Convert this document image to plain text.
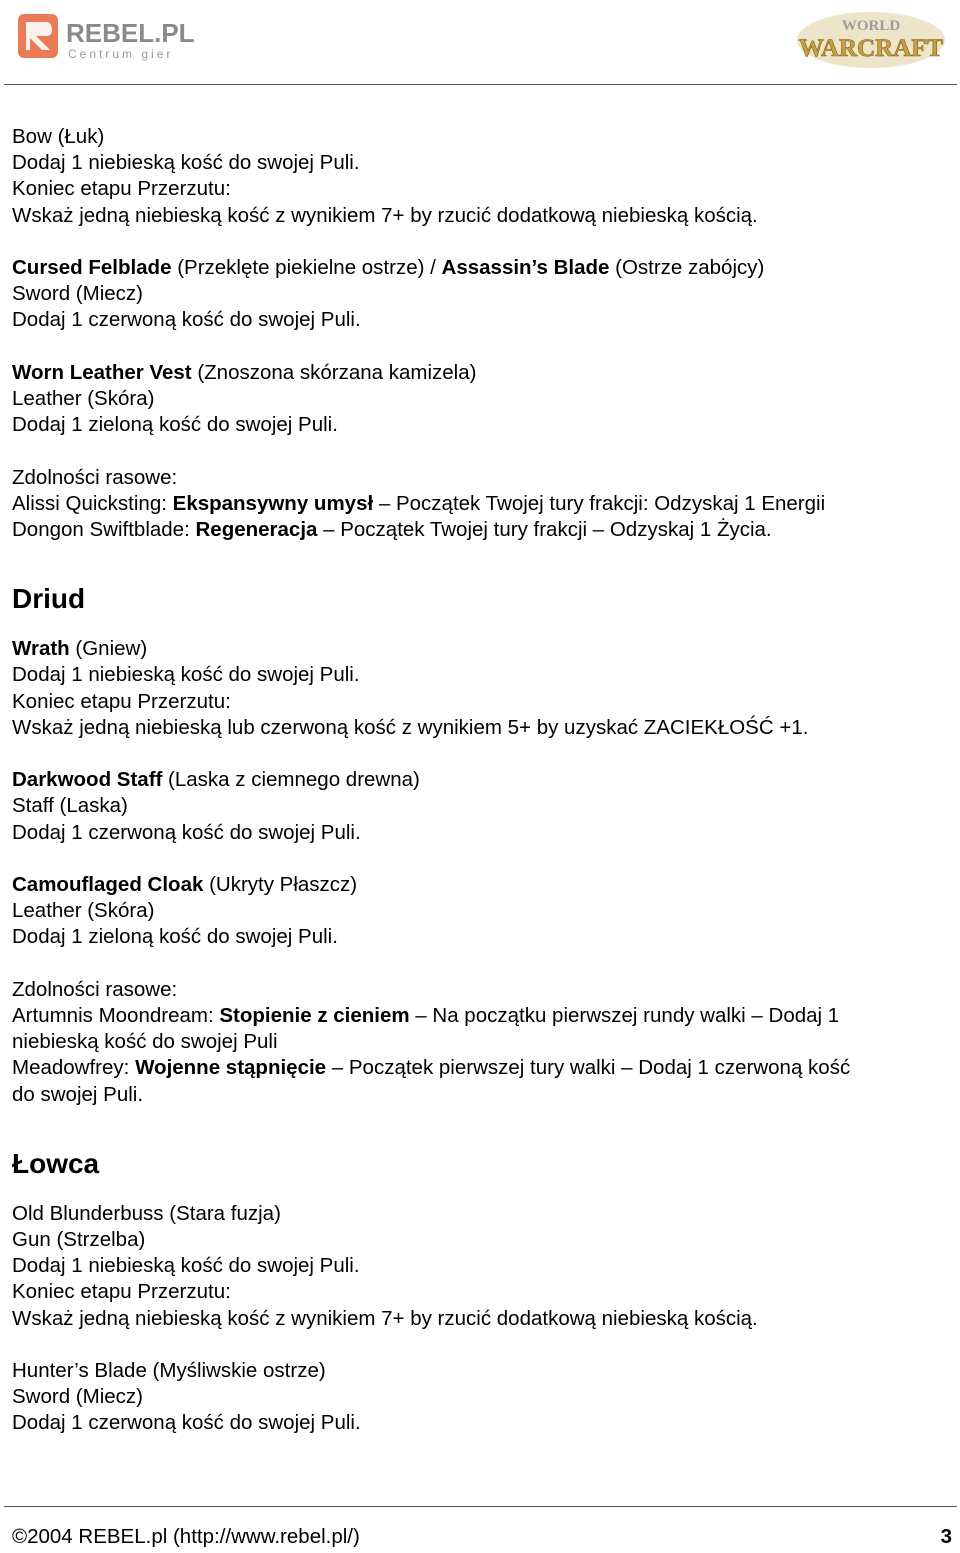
REBEL.PL
Centrum gier
WORLD
WARCRAFT

Bow (Łuk)

Dodaj 1 niebieską kość do swojej Puli.

Koniec etapu Przerzutu:

Wskaż jedną niebieską kość z wynikiem 7+ by rzucić dodatkową niebieską kością.

Cursed Felblade (Przeklęte piekielne ostrze) / Assassin’s Blade (Ostrze zabójcy)

Sword (Miecz)

Dodaj 1 czerwoną kość do swojej Puli.

Worn Leather Vest (Znoszona skórzana kamizela)

Leather (Skóra)

Dodaj 1 zieloną kość do swojej Puli.

Zdolności rasowe:

Alissi Quicksting: Ekspansywny umysł – Początek Twojej tury frakcji: Odzyskaj 1 Energii

Dongon Swiftblade: Regeneracja – Początek Twojej tury frakcji – Odzyskaj 1 Życia.

Driud

Wrath (Gniew)

Dodaj 1 niebieską kość do swojej Puli.

Koniec etapu Przerzutu:

Wskaż jedną niebieską lub czerwoną kość z wynikiem 5+ by uzyskać ZACIEKŁOŚĆ +1.

Darkwood Staff (Laska z ciemnego drewna)

Staff (Laska)

Dodaj 1 czerwoną kość do swojej Puli.

Camouflaged Cloak (Ukryty Płaszcz)

Leather (Skóra)

Dodaj 1 zieloną kość do swojej Puli.

Zdolności rasowe:

Artumnis Moondream: Stopienie z cieniem – Na początku pierwszej rundy walki – Dodaj 1

niebieską kość do swojej Puli

Meadowfrey: Wojenne stąpnięcie – Początek pierwszej tury walki – Dodaj 1 czerwoną kość

do swojej Puli.

Łowca

Old Blunderbuss (Stara fuzja)

Gun (Strzelba)

Dodaj 1 niebieską kość do swojej Puli.

Koniec etapu Przerzutu:

Wskaż jedną niebieską kość z wynikiem 7+ by rzucić dodatkową niebieską kością.

Hunter’s Blade (Myśliwskie ostrze)

Sword (Miecz)

Dodaj 1 czerwoną kość do swojej Puli.

©2004 REBEL.pl (http://www.rebel.pl/)	3
